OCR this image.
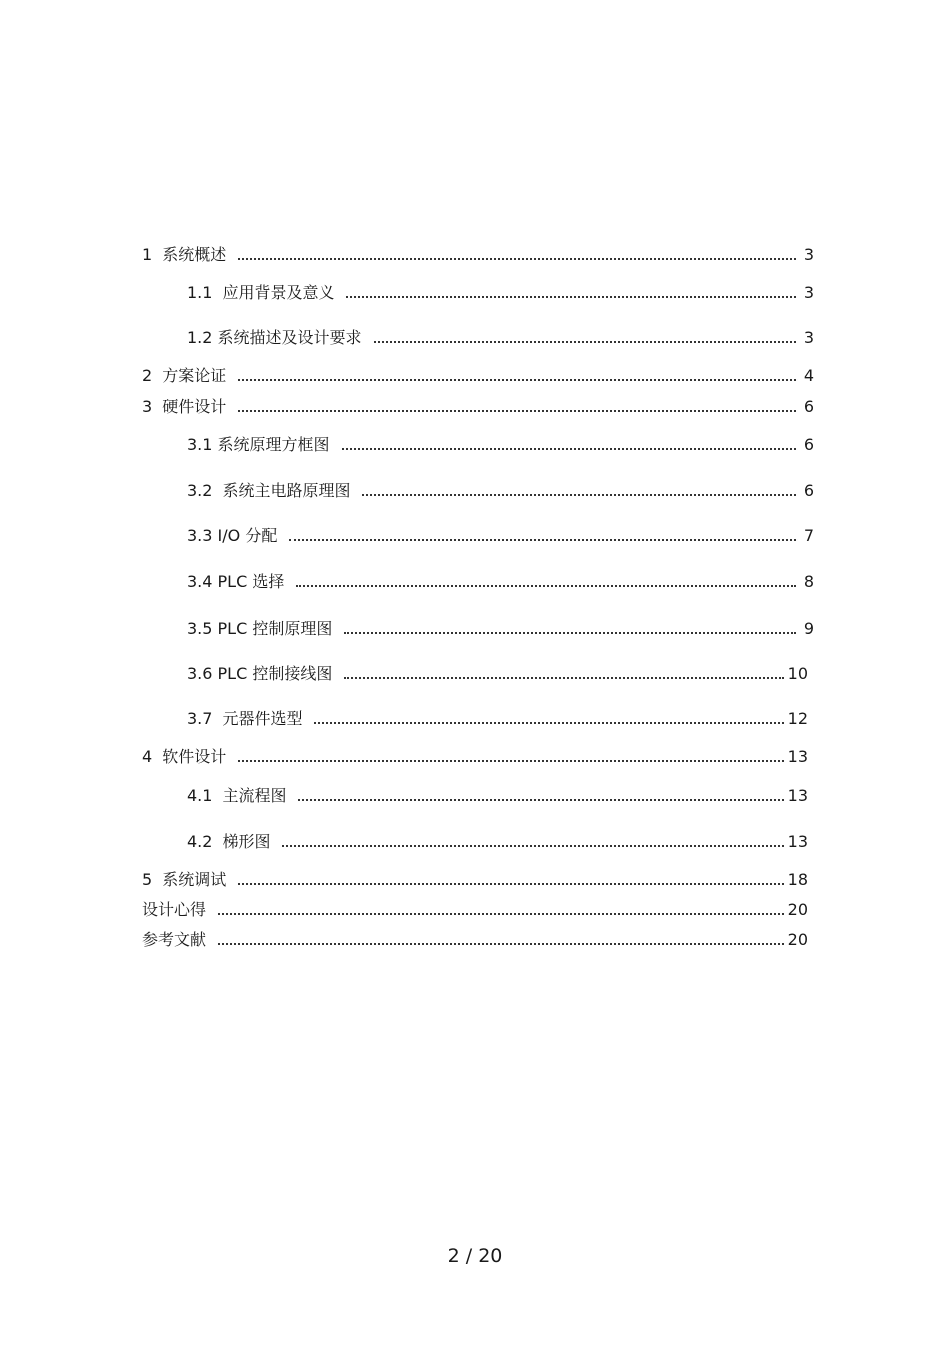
1 系统概述	3
1.1 应用背景及意义	3
1.2 系统描述及设计要求	3
2 方案论证	4
3 硬件设计	6
3.1 系统原理方框图	6
3.2 系统主电路原理图	6
3.3 I/O 分配	7
3.4 PLC 选择	8
3.5 PLC 控制原理图	9
3.6 PLC 控制接线图	10
3.7 元器件选型	12
4 软件设计	13
4.1 主流程图	13
4.2 梯形图	13
5 系统调试	18
设计心得	20
参考文献	20
2 / 20
